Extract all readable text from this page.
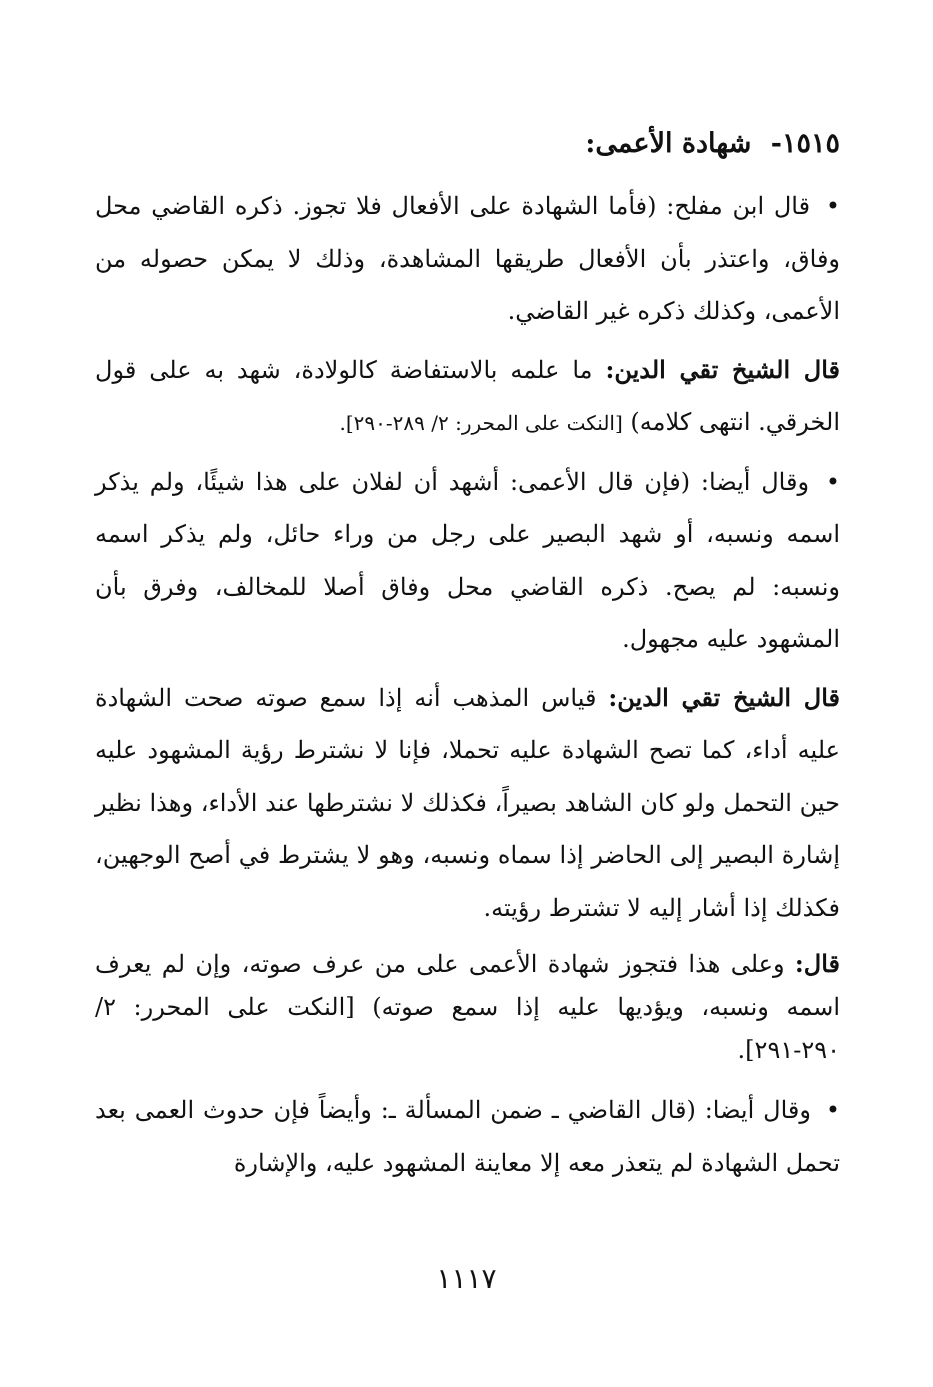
١٥١٥- شهادة الأعمى:

• قال ابن مفلح: (فأما الشهادة على الأفعال فلا تجوز. ذكره القاضي محل وفاق، واعتذر بأن الأفعال طريقها المشاهدة، وذلك لا يمكن حصوله من الأعمى، وكذلك ذكره غير القاضي.

قال الشيخ تقي الدين: ما علمه بالاستفاضة كالولادة، شهد به على قول الخرقي. انتهى كلامه) [النكت على المحرر: ٢/ ٢٨٩-٢٩٠].

• وقال أيضا: (فإن قال الأعمى: أشهد أن لفلان على هذا شيئًا، ولم يذكر اسمه ونسبه، أو شهد البصير على رجل من وراء حائل، ولم يذكر اسمه ونسبه: لم يصح. ذكره القاضي محل وفاق أصلا للمخالف، وفرق بأن المشهود عليه مجهول.

قال الشيخ تقي الدين: قياس المذهب أنه إذا سمع صوته صحت الشهادة عليه أداء، كما تصح الشهادة عليه تحملا، فإنا لا نشترط رؤية المشهود عليه حين التحمل ولو كان الشاهد بصيراً، فكذلك لا نشترطها عند الأداء، وهذا نظير إشارة البصير إلى الحاضر إذا سماه ونسبه، وهو لا يشترط في أصح الوجهين، فكذلك إذا أشار إليه لا تشترط رؤيته.

قال: وعلى هذا فتجوز شهادة الأعمى على من عرف صوته، وإن لم يعرف اسمه ونسبه، ويؤديها عليه إذا سمع صوته) [النكت على المحرر: ٢/ ٢٩٠-٢٩١].

• وقال أيضا: (قال القاضي ـ ضمن المسألة ـ: وأيضاً فإن حدوث العمى بعد تحمل الشهادة لم يتعذر معه إلا معاينة المشهود عليه، والإشارة

١١١٧
